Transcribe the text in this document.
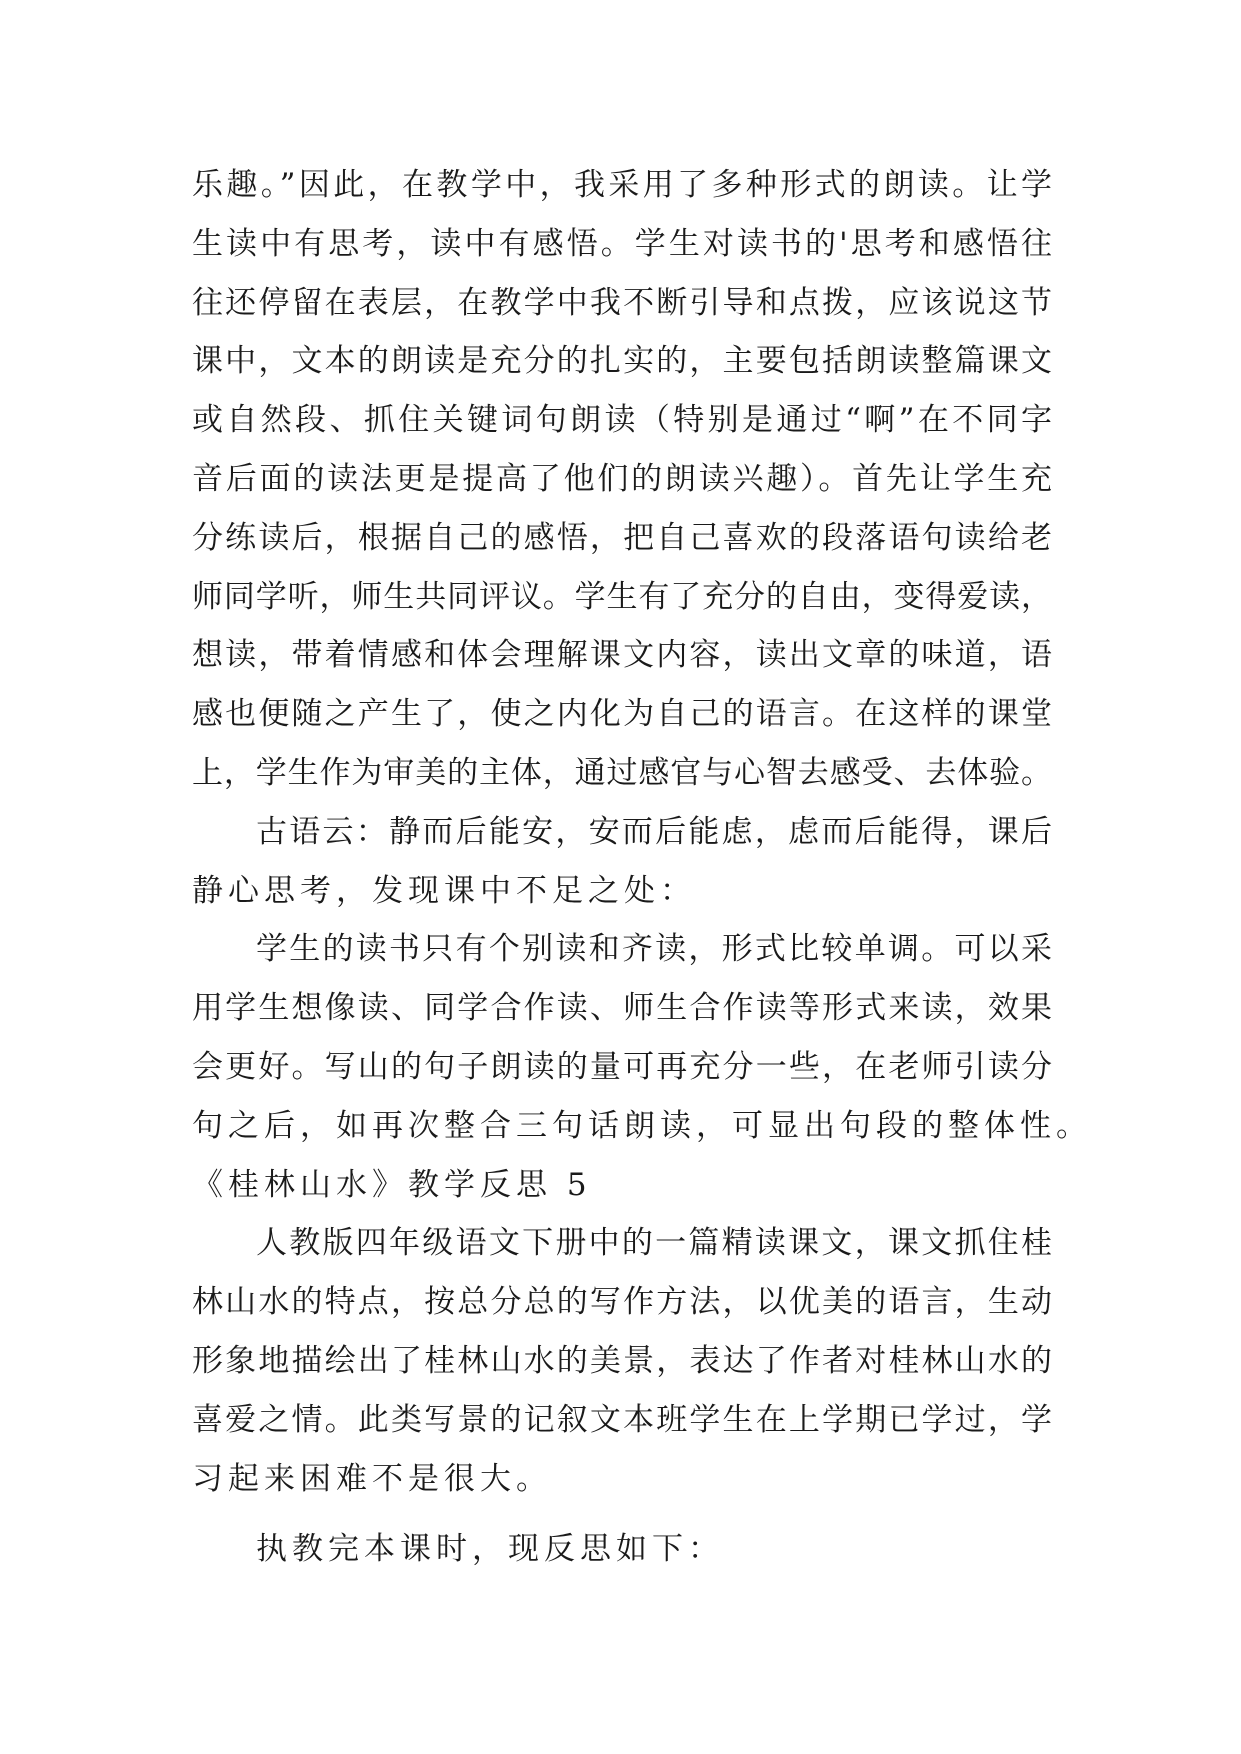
乐趣。”因此，在教学中，我采用了多种形式的朗读。让学
生读中有思考，读中有感悟。学生对读书的'思考和感悟往
往还停留在表层，在教学中我不断引导和点拨，应该说这节
课中，文本的朗读是充分的扎实的，主要包括朗读整篇课文
或自然段、抓住关键词句朗读（特别是通过“啊”在不同字
音后面的读法更是提高了他们的朗读兴趣）。首先让学生充
分练读后，根据自己的感悟，把自己喜欢的段落语句读给老
师同学听，师生共同评议。学生有了充分的自由，变得爱读，
想读，带着情感和体会理解课文内容，读出文章的味道，语
感也便随之产生了，使之内化为自己的语言。在这样的课堂
上，学生作为审美的主体，通过感官与心智去感受、去体验。
古语云：静而后能安，安而后能虑，虑而后能得，课后
静心思考，发现课中不足之处：
学生的读书只有个别读和齐读，形式比较单调。可以采
用学生想像读、同学合作读、师生合作读等形式来读，效果
会更好。写山的句子朗读的量可再充分一些，在老师引读分
句之后，如再次整合三句话朗读，可显出句段的整体性。
《桂林山水》教学反思 5
人教版四年级语文下册中的一篇精读课文，课文抓住桂
林山水的特点，按总分总的写作方法，以优美的语言，生动
形象地描绘出了桂林山水的美景，表达了作者对桂林山水的
喜爱之情。此类写景的记叙文本班学生在上学期已学过，学
习起来困难不是很大。
执教完本课时，现反思如下：
